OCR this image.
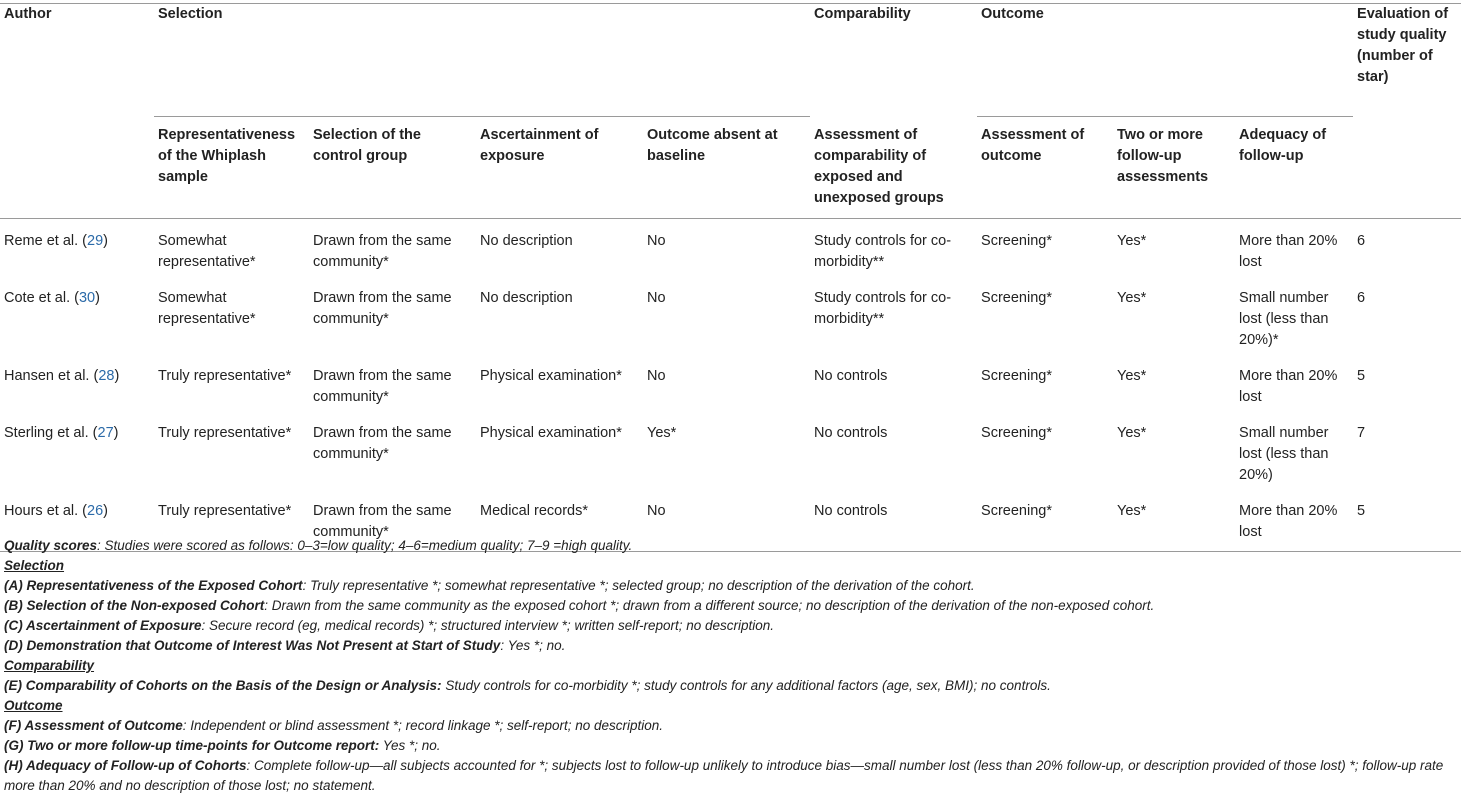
Author	Selection				Comparability	Outcome			Evaluation of study quality (number of star)
	Representativeness of the Whiplash sample	Selection of the control group	Ascertainment of exposure	Outcome absent at baseline	Assessment of comparability of exposed and unexposed groups	Assessment of outcome	Two or more follow-up assessments	Adequacy of follow-up	
Reme et al. (29)	Somewhat representative*	Drawn from the same community*	No description	No	Study controls for co-morbidity**	Screening*	Yes*	More than 20% lost	6
Cote et al. (30)	Somewhat representative*	Drawn from the same community*	No description	No	Study controls for co-morbidity**	Screening*	Yes*	Small number lost (less than 20%)*	6
Hansen et al. (28)	Truly representative*	Drawn from the same community*	Physical examination*	No	No controls	Screening*	Yes*	More than 20% lost	5
Sterling et al. (27)	Truly representative*	Drawn from the same community*	Physical examination*	Yes*	No controls	Screening*	Yes*	Small number lost (less than 20%)	7
Hours et al. (26)	Truly representative*	Drawn from the same community*	Medical records*	No	No controls	Screening*	Yes*	More than 20% lost	5
Quality scores: Studies were scored as follows: 0–3=low quality; 4–6=medium quality; 7–9 =high quality.
Selection
(A) Representativeness of the Exposed Cohort: Truly representative *; somewhat representative *; selected group; no description of the derivation of the cohort.
(B) Selection of the Non-exposed Cohort: Drawn from the same community as the exposed cohort *; drawn from a different source; no description of the derivation of the non-exposed cohort.
(C) Ascertainment of Exposure: Secure record (eg, medical records) *; structured interview *; written self-report; no description.
(D) Demonstration that Outcome of Interest Was Not Present at Start of Study: Yes *; no.
Comparability
(E) Comparability of Cohorts on the Basis of the Design or Analysis: Study controls for co-morbidity *; study controls for any additional factors (age, sex, BMI); no controls.
Outcome
(F) Assessment of Outcome: Independent or blind assessment *; record linkage *; self-report; no description.
(G) Two or more follow-up time-points for Outcome report: Yes *; no.
(H) Adequacy of Follow-up of Cohorts: Complete follow-up—all subjects accounted for *; subjects lost to follow-up unlikely to introduce bias—small number lost (less than 20% follow-up, or description provided of those lost) *; follow-up rate more than 20% and no description of those lost; no statement.
